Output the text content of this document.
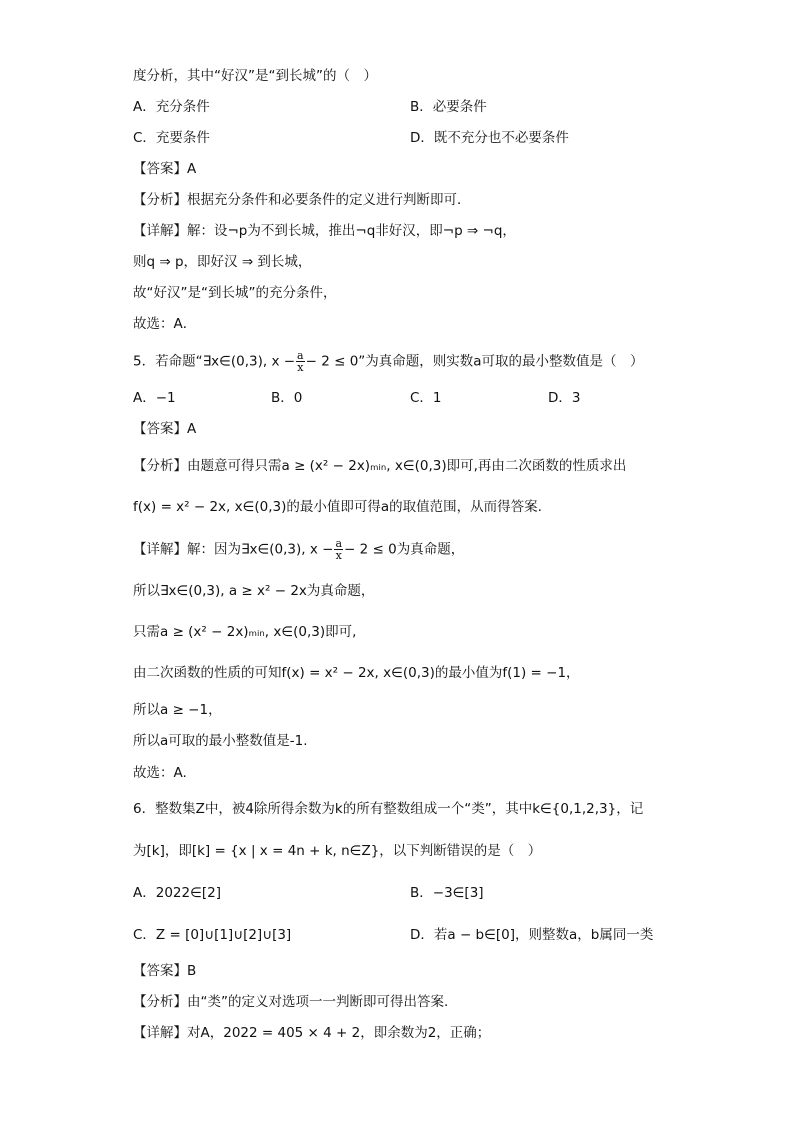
度分析，其中“好汉”是“到长城”的（　）
A．充分条件	B．必要条件
C．充要条件	D．既不充分也不必要条件
【答案】A
【分析】根据充分条件和必要条件的定义进行判断即可．
【详解】解：设¬p为不到长城，推出¬q非好汉，即¬p ⇒ ¬q，
则q ⇒ p，即好汉 ⇒ 到长城，
故“好汉”是“到长城”的充分条件，
故选：A．
5．若命题“∃x∈(0,3), $x - \frac{a}{x} - 2 \le 0$”为真命题，则实数a可取的最小整数值是（　）
A．−1	B．0	C．1	D．3
【答案】A
【分析】由题意可得只需a ≥ (x² − 2x)ₘᵢₙ, x∈(0,3)即可,再由二次函数的性质求出
f(x) = x² − 2x, x∈(0,3)的最小值即可得a的取值范围，从而得答案.
【详解】解：因为∃x∈(0,3), $x - \frac{a}{x} - 2 \le 0$为真命题，
所以∃x∈(0,3), a ≥ x² − 2x为真命题，
只需a ≥ (x² − 2x)ₘᵢₙ, x∈(0,3)即可,
由二次函数的性质的可知f(x) = x² − 2x, x∈(0,3)的最小值为f(1) = −1，
所以a ≥ −1，
所以a可取的最小整数值是-1.
故选：A.
6．整数集Z中，被4除所得余数为k的所有整数组成一个“类”，其中k∈{0,1,2,3}，记
为[k]，即[k] = {x | x = 4n + k, n∈Z}，以下判断错误的是（　）
A．2022∈[2]	B．−3∈[3]
C．Z = [0]∪[1]∪[2]∪[3]	D．若a − b∈[0]，则整数a，b属同一类
【答案】B
【分析】由“类”的定义对选项一一判断即可得出答案.
【详解】对A，2022 = 405 × 4 + 2，即余数为2，正确；
